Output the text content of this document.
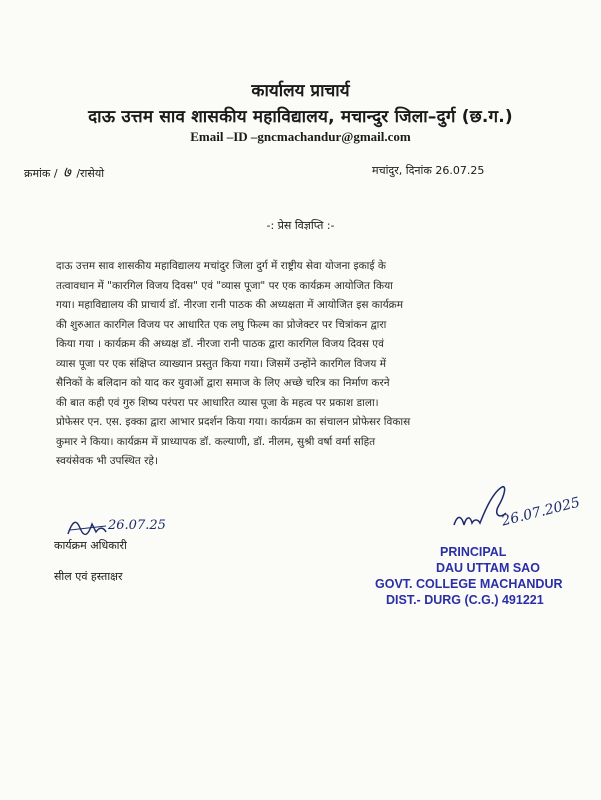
कार्यालय प्राचार्य
दाऊ उत्तम साव शासकीय महाविद्यालय, मचान्दुर जिला–दुर्ग (छ.ग.)
Email –ID –gncmachandur@gmail.com
क्रमांक / ७ /रासेयो	मचांदुर, दिनांक 26.07.25
-: प्रेस विज्ञप्ति :-

दाऊ उत्तम साव शासकीय महाविद्यालय मचांदुर जिला दुर्ग में राष्ट्रीय सेवा योजना इकाई के

तत्वावधान में "कारगिल विजय दिवस" एवं "व्यास पूजा" पर एक कार्यक्रम आयोजित किया

गया। महाविद्यालय की प्राचार्य डॉ. नीरजा रानी पाठक की अध्यक्षता में आयोजित इस कार्यक्रम

की शुरुआत कारगिल विजय पर आधारित एक लघु फिल्म का प्रोजेक्टर पर चित्रांकन द्वारा

किया गया । कार्यक्रम की अध्यक्ष डॉ. नीरजा रानी पाठक द्वारा कारगिल विजय दिवस एवं

व्यास पूजा पर एक संक्षिप्त व्याख्यान प्रस्तुत किया गया। जिसमें उन्होंने कारगिल विजय में

सैनिकों के बलिदान को याद कर युवाओं द्वारा समाज के लिए अच्छे चरित्र का निर्माण करने

की बात कही एवं गुरु शिष्य परंपरा पर आधारित व्यास पूजा के महत्व पर प्रकाश डाला।

प्रोफेसर एन. एस. इक्का द्वारा आभार प्रदर्शन किया गया। कार्यक्रम का संचालन प्रोफेसर विकास

कुमार ने किया। कार्यक्रम में प्राध्यापक डॉ. कल्याणी, डॉ. नीलम, सुश्री वर्षा वर्मा सहित

स्वयंसेवक भी उपस्थित रहे।

26.07.25
कार्यक्रम अधिकारी
सील एवं हस्ताक्षर
26.07.2025
PRINCIPAL
DAU UTTAM SAO
GOVT. COLLEGE MACHANDUR
DIST.- DURG (C.G.) 491221
